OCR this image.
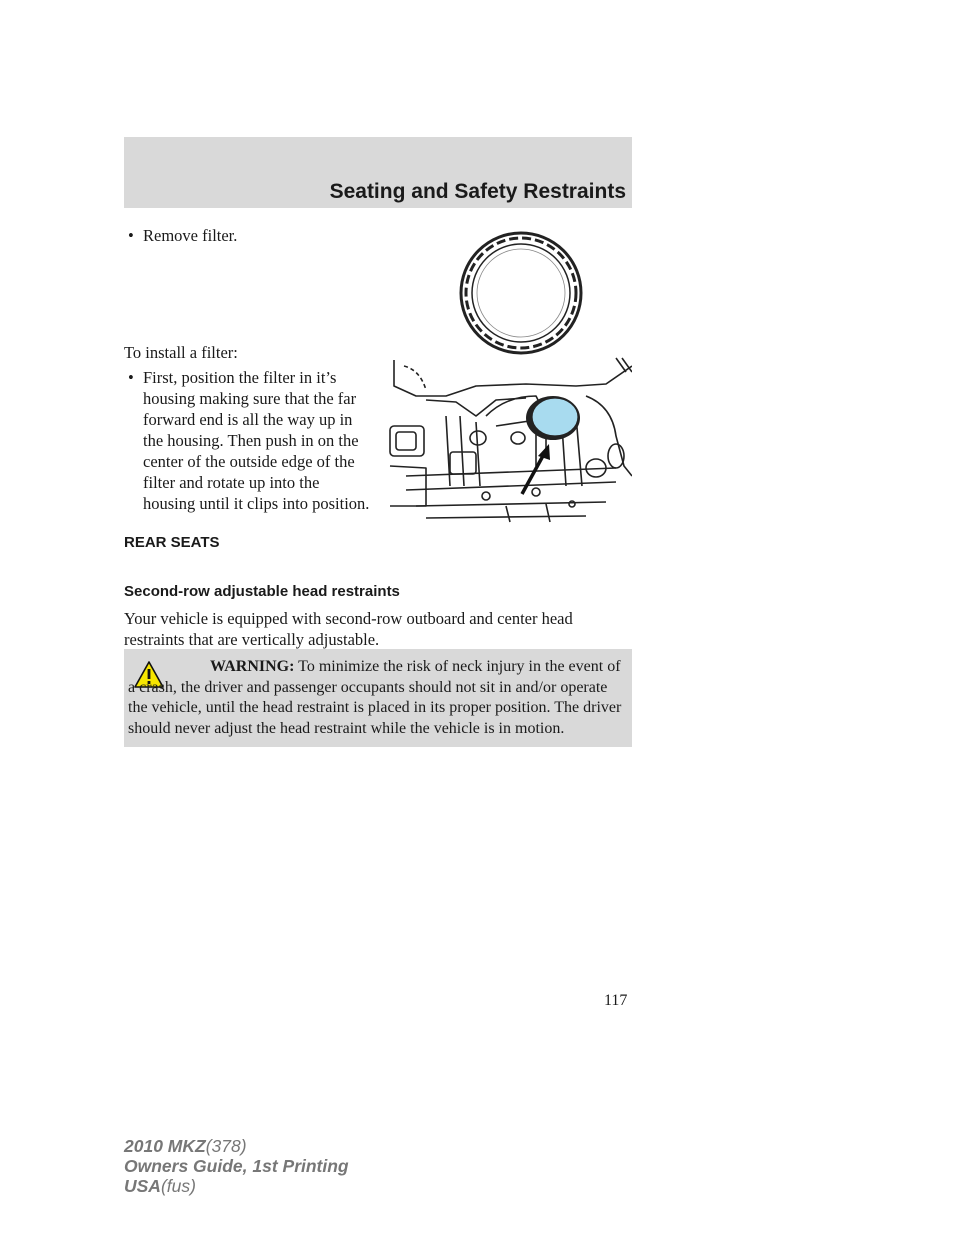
Seating and Safety Restraints
• Remove filter.
To install a filter:
• First, position the filter in it’s
housing making sure that the far
forward end is all the way up in
the housing. Then push in on the
center of the outside edge of the
filter and rotate up into the
housing until it clips into position.
REAR SEATS
Second-row adjustable head restraints
Your vehicle is equipped with second-row outboard and center head restraints that are vertically adjustable.
WARNING: To minimize the risk of neck injury in the event of a crash, the driver and passenger occupants should not sit in and/or operate the vehicle, until the head restraint is placed in its proper position. The driver should never adjust the head restraint while the vehicle is in motion.
117
2010 MKZ(378)
Owners Guide, 1st Printing
USA(fus)
